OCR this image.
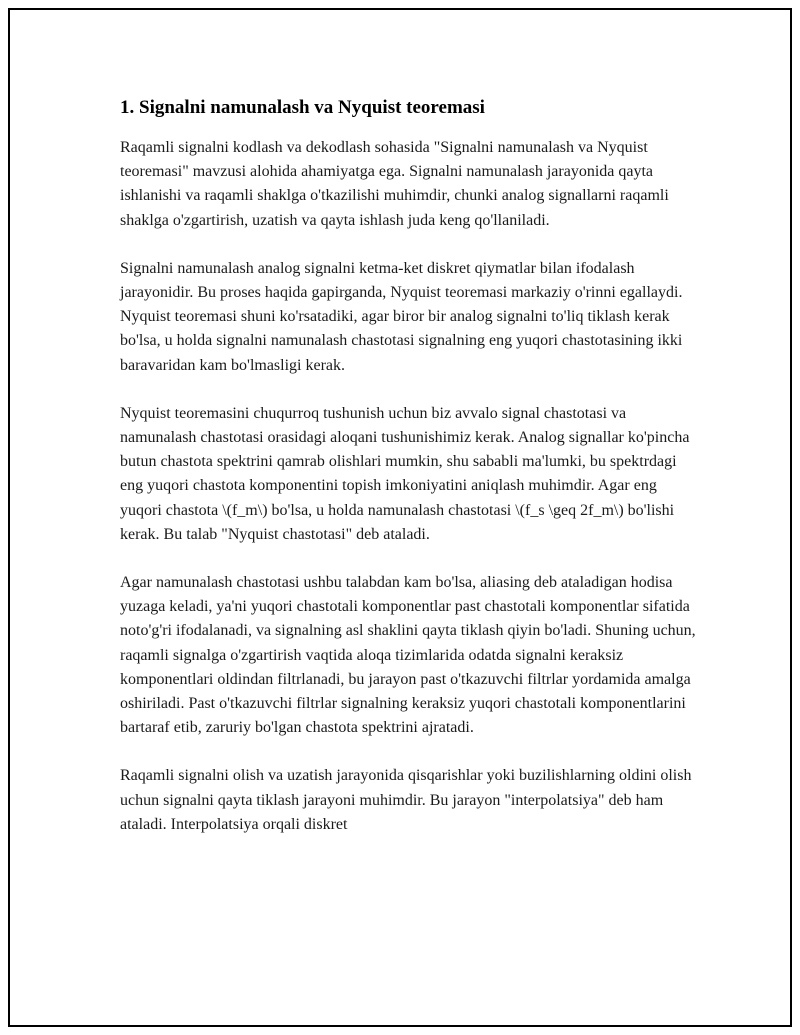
1. Signalni namunalash va Nyquist teoremasi

Raqamli signalni kodlash va dekodlash sohasida "Signalni namunalash va Nyquist teoremasi" mavzusi alohida ahamiyatga ega. Signalni namunalash jarayonida qayta ishlanishi va raqamli shaklga o'tkazilishi muhimdir, chunki analog signallarni raqamli shaklga o'zgartirish, uzatish va qayta ishlash juda keng qo'llaniladi.

Signalni namunalash analog signalni ketma-ket diskret qiymatlar bilan ifodalash jarayonidir. Bu proses haqida gapirganda, Nyquist teoremasi markaziy o'rinni egallaydi. Nyquist teoremasi shuni ko'rsatadiki, agar biror bir analog signalni to'liq tiklash kerak bo'lsa, u holda signalni namunalash chastotasi signalning eng yuqori chastotasining ikki baravaridan kam bo'lmasligi kerak.

Nyquist teoremasini chuqurroq tushunish uchun biz avvalo signal chastotasi va namunalash chastotasi orasidagi aloqani tushunishimiz kerak. Analog signallar ko'pincha butun chastota spektrini qamrab olishlari mumkin, shu sababli ma'lumki, bu spektrdagi eng yuqori chastota komponentini topish imkoniyatini aniqlash muhimdir. Agar eng yuqori chastota \(f_m\) bo'lsa, u holda namunalash chastotasi \(f_s \geq 2f_m\) bo'lishi kerak. Bu talab "Nyquist chastotasi" deb ataladi.

Agar namunalash chastotasi ushbu talabdan kam bo'lsa, aliasing deb ataladigan hodisa yuzaga keladi, ya'ni yuqori chastotali komponentlar past chastotali komponentlar sifatida noto'g'ri ifodalanadi, va signalning asl shaklini qayta tiklash qiyin bo'ladi. Shuning uchun, raqamli signalga o'zgartirish vaqtida aloqa tizimlarida odatda signalni keraksiz komponentlari oldindan filtrlanadi, bu jarayon past o'tkazuvchi filtrlar yordamida amalga oshiriladi. Past o'tkazuvchi filtrlar signalning keraksiz yuqori chastotali komponentlarini bartaraf etib, zaruriy bo'lgan chastota spektrini ajratadi.

Raqamli signalni olish va uzatish jarayonida qisqarishlar yoki buzilishlarning oldini olish uchun signalni qayta tiklash jarayoni muhimdir. Bu jarayon "interpolatsiya" deb ham ataladi. Interpolatsiya orqali diskret
